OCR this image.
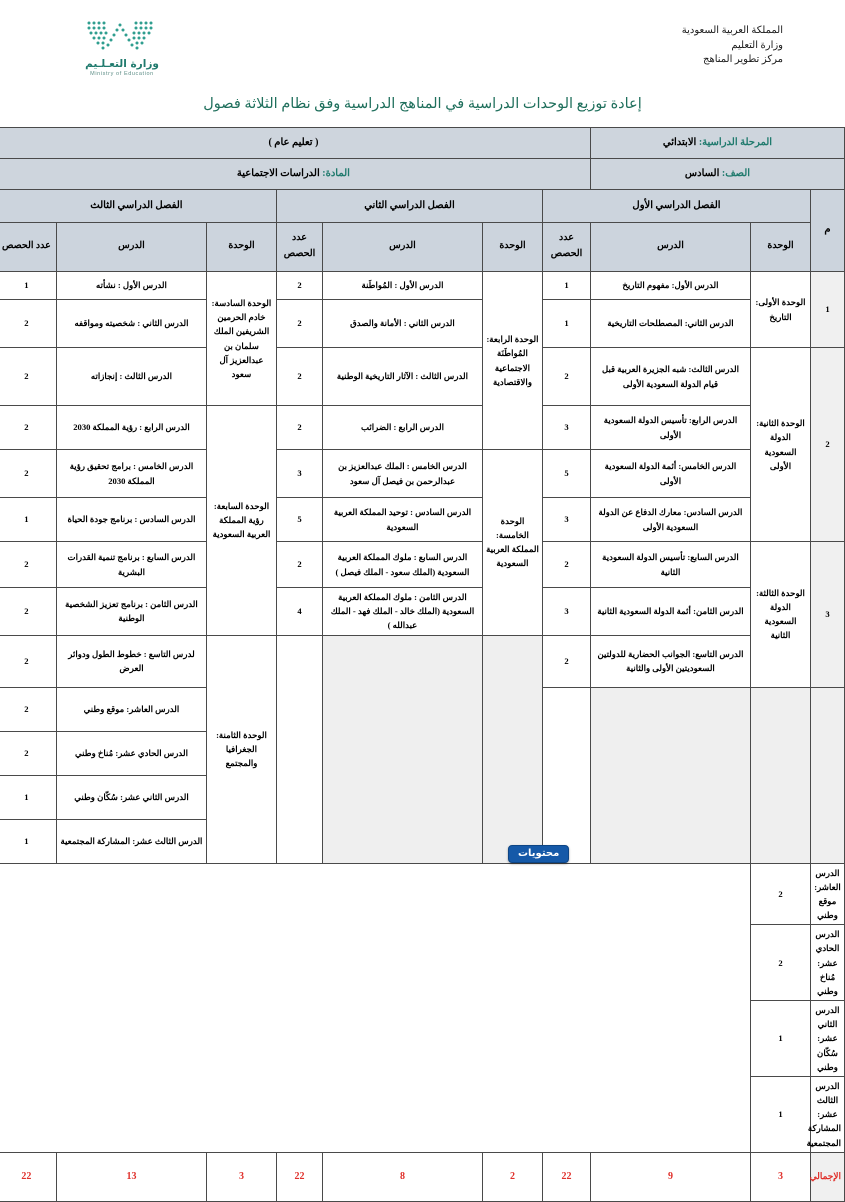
وزارة التعـلـيم
Ministry of Education
المملكة العربية السعودية
وزارة التعليم
مركز تطوير المناهج
إعادة توزيع الوحدات الدراسية في المناهج الدراسية وفق نظام الثلاثة فصول
المرحلة الدراسية: الابتدائي			( تعليم عام )						
الصف: السادس			المادة: الدراسات الاجتماعية						
م	الفصل الدراسي الأول			الفصل الدراسي الثاني			الفصل الدراسي الثالث		
	الوحدة	الدرس	عدد الحصص	الوحدة	الدرس	عدد الحصص	الوحدة	الدرس	عدد الحصص
1	الوحدة الأولى: التاريخ	الدرس الأول: مفهوم التاريخ	1	الوحدة الرابعة: المُواطَنَة الاجتماعية والاقتصادية	الدرس الأول : المُواطَنة	2	الوحدة السادسة: خادم الحرمين الشريفين الملك سلمان بن عبدالعزيز آل سعود	الدرس الأول : نشأته	1
		الدرس الثاني: المصطلحات التاريخية	1		الدرس الثاني : الأمانة والصدق	2		الدرس الثاني : شخصيته ومواقفه	2
2	الوحدة الثانية: الدولة السعودية الأولى	الدرس الثالث: شبه الجزيرة العربية قبل قيام الدولة السعودية الأولى	2		الدرس الثالث : الآثار التاريخية الوطنية	2		الدرس الثالث : إنجازاته	2
		الدرس الرابع: تأسيس الدولة السعودية الأولى	3		الدرس الرابع : الضرائب	2	الوحدة السابعة: رؤية المملكة العربية السعودية	الدرس الرابع : رؤية المملكة 2030	2
		الدرس الخامس: أئمة الدولة السعودية الأولى	5	الوحدة الخامسة: المملكة العربية السعودية	الدرس الخامس : الملك عبدالعزيز بن عبدالرحمن بن فيصل آل سعود	3		الدرس الخامس : برامج تحقيق رؤية المملكة 2030	2
		الدرس السادس: معارك الدفاع عن الدولة السعودية الأولى	3		الدرس السادس : توحيد المملكة العربية السعودية	5		الدرس السادس : برنامج جودة الحياة	1
3	الوحدة الثالثة: الدولة السعودية الثانية	الدرس السابع: تأسيس الدولة السعودية الثانية	2		الدرس السابع : ملوك المملكة العربية السعودية (الملك سعود - الملك فيصل )	2		الدرس السابع : برنامج تنمية القدرات البشرية	2
		الدرس الثامن: أئمة الدولة السعودية الثانية	3		الدرس الثامن : ملوك المملكة العربية السعودية (الملك خالد - الملك فهد - الملك عبدالله )	4		الدرس الثامن : برنامج تعزيز الشخصية الوطنية	2
		الدرس التاسع: الجوانب الحضارية للدولتين السعوديتين الأولى والثانية	2				الوحدة الثامنة: الجغرافيا والمجتمع	لدرس التاسع : خطوط الطول ودوائر العرض	2
								الدرس العاشر: موقع وطني	2
								الدرس الحادي عشر: مُناخ وطني	2
								الدرس الثاني عشر: سُكّان وطني	1
								الدرس الثالث عشر: المشاركة المجتمعية	1
الدرس العاشر: موقع وطني	2								
الدرس الحادي عشر: مُناخ وطني	2								
الدرس الثاني عشر: سُكّان وطني	1								
الدرس الثالث عشر: المشاركة المجتمعية	1								
الإجمالي	3	9	22	2	8	22	3	13	22
محتويات
